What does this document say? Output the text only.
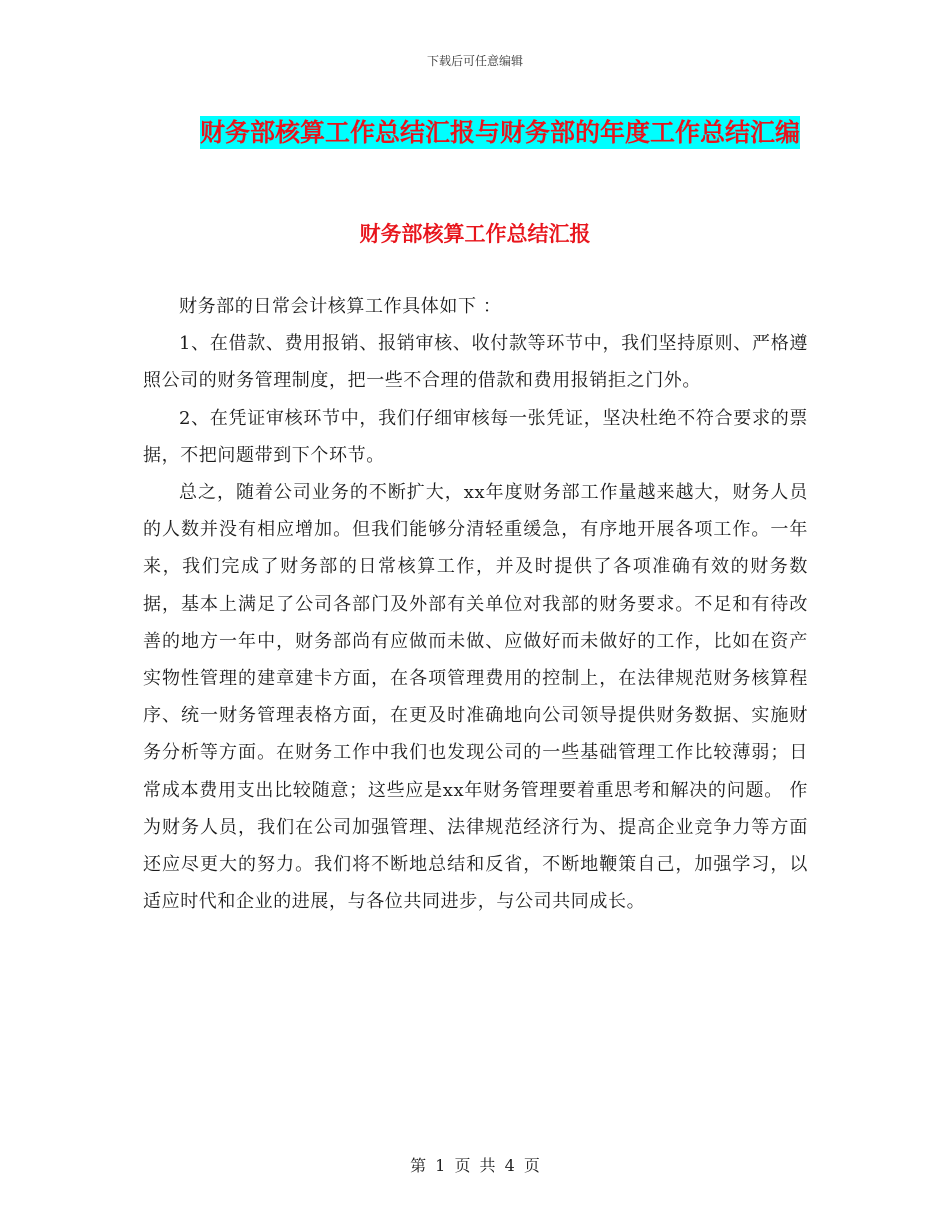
下载后可任意编辑
财务部核算工作总结汇报与财务部的年度工作总结汇编
财务部核算工作总结汇报

财务部的日常会计核算工作具体如下 ：

1、在借款、费用报销、报销审核、收付款等环节中，我们坚持原则、严格遵照公司的财务管理制度，把一些不合理的借款和费用报销拒之门外。

2、在凭证审核环节中，我们仔细审核每一张凭证，坚决杜绝不符合要求的票据，不把问题带到下个环节。

总之，随着公司业务的不断扩大，xx年度财务部工作量越来越大，财务人员的人数并没有相应增加。但我们能够分清轻重缓急，有序地开展各项工作。一年来，我们完成了财务部的日常核算工作，并及时提供了各项准确有效的财务数据，基本上满足了公司各部门及外部有关单位对我部的财务要求。不足和有待改善的地方一年中，财务部尚有应做而未做、应做好而未做好的工作，比如在资产实物性管理的建章建卡方面，在各项管理费用的控制上，在法律规范财务核算程序、统一财务管理表格方面，在更及时准确地向公司领导提供财务数据、实施财务分析等方面。在财务工作中我们也发现公司的一些基础管理工作比较薄弱；日常成本费用支出比较随意；这些应是xx年财务管理要着重思考和解决的问题。 作为财务人员，我们在公司加强管理、法律规范经济行为、提高企业竞争力等方面还应尽更大的努力。我们将不断地总结和反省，不断地鞭策自己，加强学习，以适应时代和企业的进展，与各位共同进步，与公司共同成长。

第 1 页 共 4 页
